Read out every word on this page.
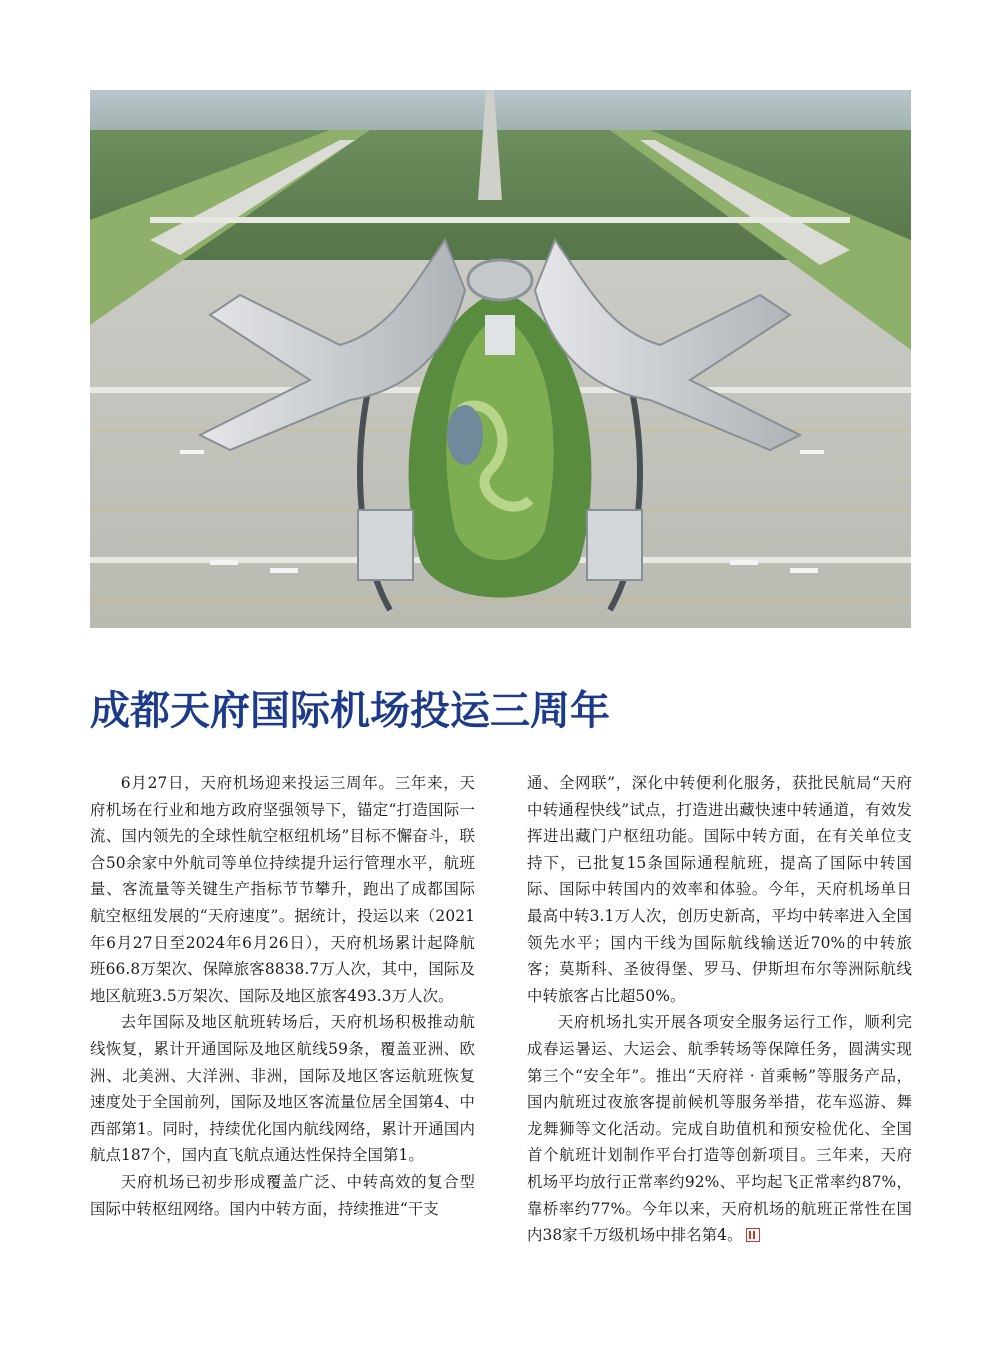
成都天府国际机场投运三周年

6月27日，天府机场迎来投运三周年。三年来，天府机场在行业和地方政府坚强领导下，锚定“打造国际一流、国内领先的全球性航空枢纽机场”目标不懈奋斗，联合50余家中外航司等单位持续提升运行管理水平，航班量、客流量等关键生产指标节节攀升，跑出了成都国际航空枢纽发展的“天府速度”。据统计，投运以来（2021年6月27日至2024年6月26日），天府机场累计起降航班66.8万架次、保障旅客8838.7万人次，其中，国际及地区航班3.5万架次、国际及地区旅客493.3万人次。

去年国际及地区航班转场后，天府机场积极推动航线恢复，累计开通国际及地区航线59条，覆盖亚洲、欧洲、北美洲、大洋洲、非洲，国际及地区客运航班恢复速度处于全国前列，国际及地区客流量位居全国第4、中西部第1。同时，持续优化国内航线网络，累计开通国内航点187个，国内直飞航点通达性保持全国第1。

天府机场已初步形成覆盖广泛、中转高效的复合型国际中转枢纽网络。国内中转方面，持续推进“干支

通、全网联”，深化中转便利化服务，获批民航局“天府中转通程快线”试点，打造进出藏快速中转通道，有效发挥进出藏门户枢纽功能。国际中转方面，在有关单位支持下，已批复15条国际通程航班，提高了国际中转国际、国际中转国内的效率和体验。今年，天府机场单日最高中转3.1万人次，创历史新高，平均中转率进入全国领先水平；国内干线为国际航线输送近70%的中转旅客；莫斯科、圣彼得堡、罗马、伊斯坦布尔等洲际航线中转旅客占比超50%。

天府机场扎实开展各项安全服务运行工作，顺利完成春运暑运、大运会、航季转场等保障任务，圆满实现第三个“安全年”。推出“天府祥 · 首乘畅”等服务产品，国内航班过夜旅客提前候机等服务举措，花车巡游、舞龙舞狮等文化活动。完成自助值机和预安检优化、全国首个航班计划制作平台打造等创新项目。三年来，天府机场平均放行正常率约92%、平均起飞正常率约87%，靠桥率约77%。今年以来，天府机场的航班正常性在国内38家千万级机场中排名第4。
